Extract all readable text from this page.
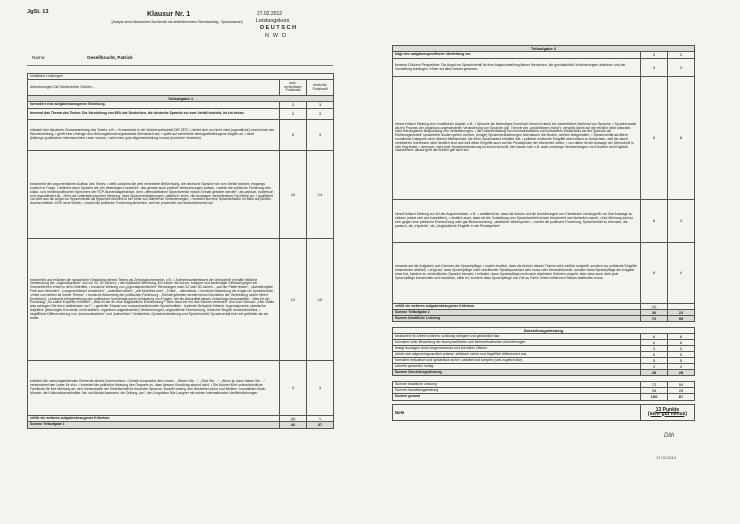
JgSt. 13	Klausur Nr. 1
(Analyse eines literarischen Sachtextes mit weiterführendem Schreibauftrag - Sprachwandel)
27.02.2012
Leistungskurs
DEUTSCH
NWD
Name:	Gesellbracht, Patrick
Inhaltliche Leistungen		
Anforderungen Die Schülerin/der Schüler....	max. erreichbare Punktzahl	erreichte Punktzahl
Teilaufgabe 1		
formuliert eine aufgabenbezogenen Einleitung.	3	3
benennt das Thema des Textes: Die Vorstellung von 65% der Deutschen, die deutsche Sprache sei vom Verfall bedroht, ist ein Irrtum.	3	3
erläutert den situativen Zusammenhang des Textes, z.B.: • Kommentar in der Wochenzeitschrift DIE ZEIT, • richtet sich an (nicht mehr jugendliche) Leser/innen der Wochenzeitung, • greift eine Umfrage des Meinungsforschungsinstituts Allensbach auf, • spielt auf verbreitete demografiebezogene Ängste an, • setzt (bildungs-)politisches Interesse beim Leser voraus, • setzt eine gute Allgemeinbildung voraus (ironische Verweise).	6	3
beschreibt den argumentativen Aufbau des Textes: • stellt zunächst die weit verbreitete Befürchtung, die deutsche Sprache sei vom Verfall bedroht, eingangs ironisch in Frage, • definiert dann Sprache als „ein lebendiges Konstrukt“, das gerade auch positive Veränderungen zulässt, • wertet die politische Forderung des kultur- und medienpolitischen Sprechers der FDP-Bundestagsfraktion, dem „offensichtlichen Sprachverfall müsse Einhalt geboten werden“, als panisch, hysterisch und unqualifiziert ab, • führt als Unterstützung ihrer Meinung, dass Sprachveränderungen „natürlich“ seien, die Aussagen verschiedener Fachleute an, • qualifiziert von dort aus die Angst vor Sprachverfall als typisches Moment in der Kritik von Älteren an Veränderungen, • verweist auf eine Sprachinflation im Blick auf jährlich durchschnittlich 1000 neue Wörter, • macht die politische Forderung lächerlich, weil sie provinziell und deutschtümelnd sei.	15	14
beschreibt und erläutert die sprachliche Gestaltung dieses Textes als Zeitungskommentar, z.B.: • Aufmerksamkeitswert der Überschrift (verallte bildliche Verwendung der „Jugendsprache“ von vor 20, 30 Jahren), • die elliptische Wendung „Ein Irrtum“ als kurzer, knapper und eindeutiger Einwand gegen ein Vorurteil/einen Irrtum in dem Untertitel, • ironische Wirkung von „jugendsprachlichen“ Wendungen nach 20 oder 30 Jahren - „auf der Platte fetzen“, „oberaffengeile Fete zum Abhotten“, „Lungenbrötchen reinziehen“, „ordentlich ablen“, „voll bedröhnt sein“, „Trulla“, - altmodisch, • ironische Abwertung der Angst vor Sprachverfall - „eines von beiden ist immer Thema“, • ironische Abwertung der politischen Forderung - „Einhalt gebieten werden muss höchstens der Verbreitung seiner Ideen“ (Invektion), • ironische Infragestellung des politischen Vorschlags durch Anhäufung von Fragen, die die Absurdität dieses Vorschlags herausstellen - Was für ein Vorschlag: „So sollen Experten erklären“, „Was ist der für eine ungläubliche Einmischung?“ Aber lasst ihn mir das Simsen verbieten“ Und zum Schluss: „Herr Waltz, was schlagen Sie denn stattdessen vor?“, • gezielter Einsatz von vorsorchaulichenden Sprachmitteln - konkrete Beispiele früherer Jugendsprache; plastische Adjektive (lebendiges Konstrukt, nicht statisch, organisch-ungesteuerten) Veränderungen, unglaubliche Einmischung, hübscher Begriff, deutschtümelnd, • begriffliche Differenzierung von „kommunikativem“ und „kulturellem“ Gedächtnis; Sprachveränderung und Sprachverfall; Sprachverfall eher ein gefühlter als ein realer.	12	10
erläutert die meinungsbildenden Elemente dieses Kommentars: • Direkte Ansprache des Lesers - „Waren Sie....“, „Sind Sie....“, „Wenn ja, dann haben Sie....“ - vereinnahmt den Leser für sich. • Ironisiert die politische Meinung des Gegners so, dass dessen Vorschlag absurd wirkt. • Die Autorin führt unterschiedliche Fachleute für ihre Meinung an: den Vorsitzenden der Gesellschaft für deutsche Sprache, Rudolf Hoberg; den Bestseller-Autor und Berliner Journalisten Bodo Mrozek; die Kulturwissenschaftler Jan und Aleida Assmann, die Zeitung „taz“, den Linguisten Nils Langner mit seinen internationalen Veröffentlichungen.	3	3
erfüllt ein weiteres aufgabenbezogenes Kriterium.	(6)	1
Summe Teilaufgabe 1	42	37
Teilaufgabe 2		
trägt eine aufgabenspezifische Überleitung vor.	3	3
benennt Dückers Perspektive: Die Angst vor Sprachverfall ist eine Angstvorstellung älterer Menschen, die grundsätzlich Veränderungen ablehnen und der Vorstellung anhängen, früher sei alles besser gewesen.	3	3
nimmt kritisch Stellung zum inhaltlichen Aspekt, z.B.: • Sprache als lebendiges Konstrukt: benennt damit ein wesentliches Merkmal von Sprache, • Sprachwandel als ein Prozess der organisch-ungesteuerten Veränderung von Sprache (vgl. Theorie der „unsichtbaren Hand“): verweist damit auf die letztlich nicht rationale, nicht teleologische Begründung von Veränderungen, • die Unterscheidung von kommunikativem und kulturellem Gedächtnis bei der Sprache als Erklärungsmodell: sprachliche Moden gehen vorüber, (einige) Sprachveränderungen überdauern die Moden, werden festgehalten, • Sprachverfall als ältere, moralische Kategorie einer älteren Mittelschicht, die ihren Sprachstand erhalten will, • politisch motivierte Eingriffe sind kritisch zu betrachten, weil die damit vertretenen Interessen nicht deutlich sind und weil diese Eingriffe auch auf die Privatsphäre der Menschen zielen, • von daher ist die Aussage der Überschrift in sich begründet, • dennoch: nicht jede Sprachveränderung ist schon sinnvoll; hier lassen sich z.B. auch unsinnige Vermischungen von Deutsch und Englisch nachweisen; darauf geht die Autorin gar nicht ein.	8	8
nimmt kritisch Stellung zur Art der Argumentation, z.B.: • auffallend ist, dass die Autorin auf die Ausführungen von Fachleuten zurückgreift, um ihre Aussage zu stützen (stützt sich auf Autoritäten), • deutlich auch, dass sie die Vorstellung vom Sprachverfall ironisch beschreibt und lächerlich macht, • ihre Meinung wird so sich gegen eine politische Einmischung oder gar Bevormundung: „deutlicher Widerspruch“, • wertet die politische Forderung, Sprachverfall zu bremsen, als panisch, die „Hysterie“, als „Unglaubliche Eingriffe in die Privatsphäre“.	8	4
verweist auf die Aufgaben und Grenzen der Sprachpflege: • macht deutlich, dass die Autorin dieses Thema nicht wirklich aufgreift, sondern nur politische Eingriffe entschieden ablehnt, • zeigt auf, dass Sprachpflege nicht unkritischer Sprachpurismus sein muss oder Deutschtümelei, sondern dass Sprachpflege die Aufgabe etwa hat, Insidern zu verdeutlichen Sprache benutzt, • erläutert, dass Sprachpflege nicht nach objektiven Kriterien vorgeht, aber dass auch nicht jede Sprachpflege konservativ und moralisch, elitär ist, sondern dass Sprachpflege von Fall zu Fall in einem kritischen Diskurs stattfinden muss.	8	4
erfüllt ein weiteres aufgabenbezogenes Kriterium.	(4)	
Summe Teilaufgabe 2	30	22
Summe Inhaltliche Leistung	72	59

Darstellungsleistung		
strukturiert ihr Arbeit kohärent, schlüssig stringent und gedanklich klar.	6	6
formuliert unter Beachtung der fachsprachlichen und fachmethodischen Anforderungen.	6	6
belegt Aussagen durch angemessenes und korrektes Zitieren.	3	3
drückt sich allgemeinsprachlich präzise, stilistisch sicher und begrifflich differenziert aus.	5	5
formuliert lexikalisch und syntaktisch sicher, variabel und komplex (und zugleich klar).	5	5
schreibt sprachlich richtig.	3	3
Summe Darstellungsleistung	28	28

Summe Inhaltliche Leistung	72	59
Summe Darstellungsleistung	28	28
Summe gesamt	100	87

Note	13 Punkte
(sehr gut minus)	
Dilh
17.03.2012
